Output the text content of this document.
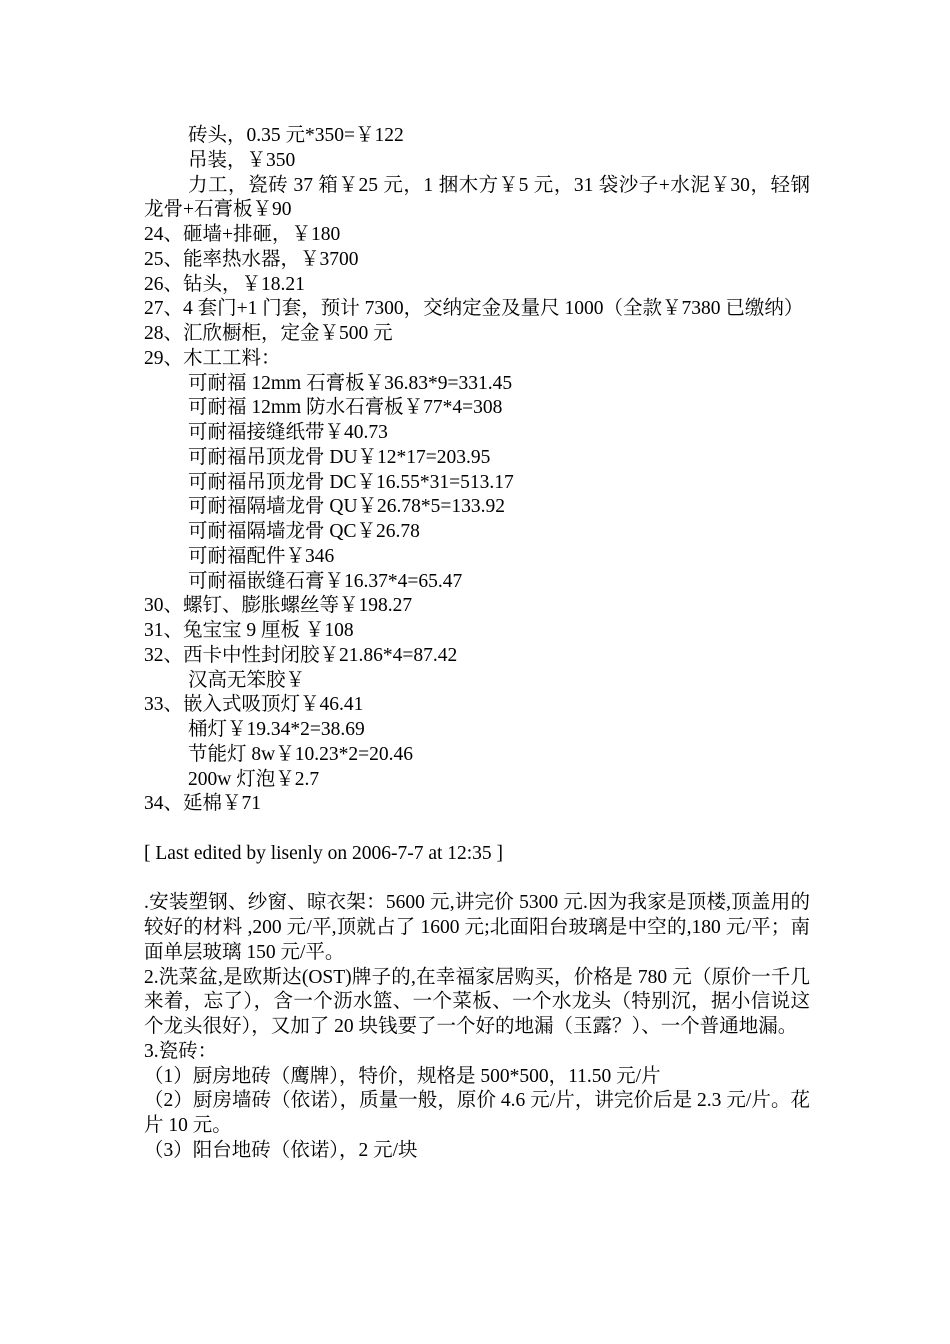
砖头，0.35 元*350=￥122
吊装，￥350
力工，瓷砖 37 箱￥25 元，1 捆木方￥5 元，31 袋沙子+水泥￥30，轻钢龙骨+石膏板￥90
24、砸墙+排砸，￥180
25、能率热水器，￥3700
26、钻头，￥18.21
27、4 套门+1 门套，预计 7300，交纳定金及量尺 1000（全款￥7380 已缴纳）
28、汇欣橱柜，定金￥500 元
29、木工工料：
可耐福 12mm 石膏板￥36.83*9=331.45
可耐福 12mm 防水石膏板￥77*4=308
可耐福接缝纸带￥40.73
可耐福吊顶龙骨 DU￥12*17=203.95
可耐福吊顶龙骨 DC￥16.55*31=513.17
可耐福隔墙龙骨 QU￥26.78*5=133.92
可耐福隔墙龙骨 QC￥26.78
可耐福配件￥346
可耐福嵌缝石膏￥16.37*4=65.47
30、螺钉、膨胀螺丝等￥198.27
31、兔宝宝 9 厘板 ￥108
32、西卡中性封闭胶￥21.86*4=87.42
汉高无笨胶￥
33、嵌入式吸顶灯￥46.41
桶灯￥19.34*2=38.69
节能灯 8w￥10.23*2=20.46
200w 灯泡￥2.7
34、延棉￥71
[ Last edited by lisenly on 2006-7-7 at 12:35 ]
.安装塑钢、纱窗、晾衣架：5600 元,讲完价 5300 元.因为我家是顶楼,顶盖用的较好的材料 ,200 元/平,顶就占了 1600 元;北面阳台玻璃是中空的,180 元/平；南面单层玻璃 150 元/平。
2.洗菜盆,是欧斯达(OST)牌子的,在幸福家居购买，价格是 780 元（原价一千几来着，忘了），含一个沥水篮、一个菜板、一个水龙头（特别沉，据小信说这个龙头很好），又加了 20 块钱要了一个好的地漏（玉露？）、一个普通地漏。
3.瓷砖：
（1）厨房地砖（鹰牌），特价，规格是 500*500，11.50 元/片
（2）厨房墙砖（依诺），质量一般，原价 4.6 元/片，讲完价后是 2.3 元/片。花片 10 元。
（3）阳台地砖（依诺），2 元/块
